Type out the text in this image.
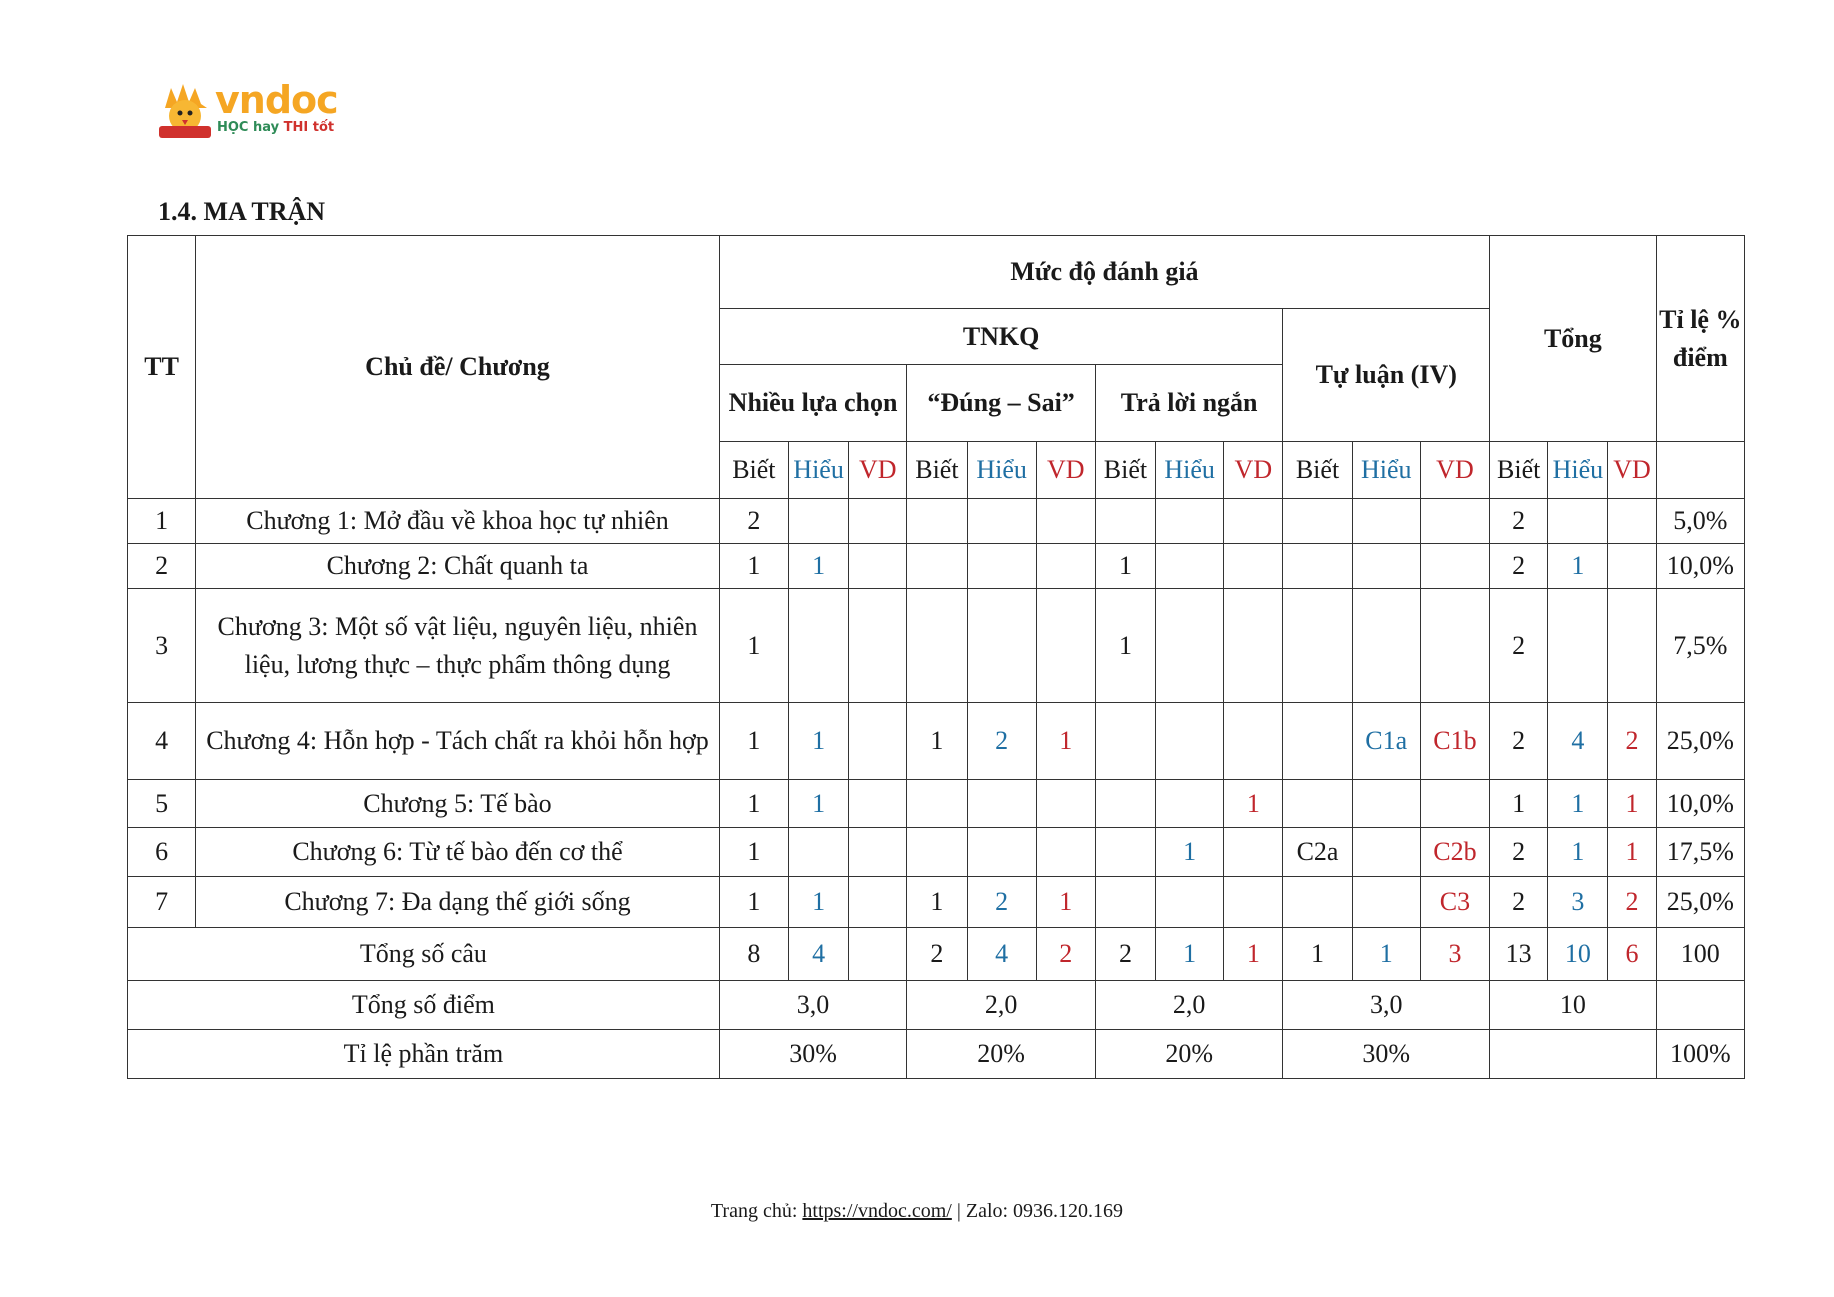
vndoc
HỌC hay THI tốt
1.4. MA TRẬN
TT	Chủ đề/ Chương	Mức độ đánh giá												Tổng			Tỉ lệ % điểm
		TNKQ									Tự luận (IV)						
		Nhiều lựa chọn			“Đúng – Sai”			Trả lời ngắn									
		Biết	Hiểu	VD	Biết	Hiểu	VD	Biết	Hiểu	VD	Biết	Hiểu	VD	Biết	Hiểu	VD	
1	Chương 1: Mở đầu về khoa học tự nhiên	2												2			5,0%
2	Chương 2: Chất quanh ta	1	1					1						2	1		10,0%
3	Chương 3: Một số vật liệu, nguyên liệu, nhiên liệu, lương thực – thực phẩm thông dụng	1						1						2			7,5%
4	Chương 4: Hỗn hợp - Tách chất ra khỏi hỗn hợp	1	1		1	2	1					C1a	C1b	2	4	2	25,0%
5	Chương 5: Tế bào	1	1							1				1	1	1	10,0%
6	Chương 6: Từ tế bào đến cơ thể	1							1		C2a		C2b	2	1	1	17,5%
7	Chương 7: Đa dạng thế giới sống	1	1		1	2	1						C3	2	3	2	25,0%
Tổng số câu		8	4		2	4	2	2	1	1	1	1	3	13	10	6	100
Tổng số điểm		3,0			2,0			2,0			3,0			10			
Tỉ lệ phần trăm		30%			20%			20%			30%						100%
Trang chủ: https://vndoc.com/ | Zalo: 0936.120.169
